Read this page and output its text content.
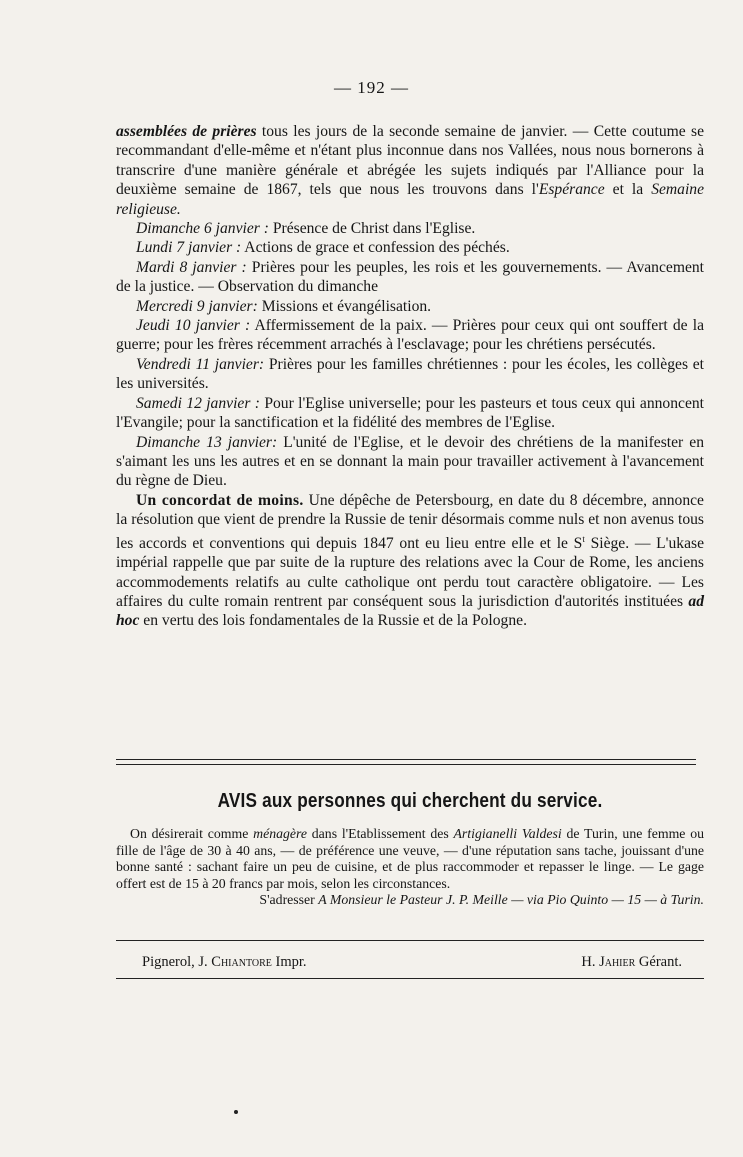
— 192 —

assemblées de prières tous les jours de la seconde semaine de janvier. — Cette coutume se recommandant d'elle-même et n'étant plus inconnue dans nos Vallées, nous nous bornerons à transcrire d'une manière générale et abrégée les sujets indiqués par l'Alliance pour la deuxième semaine de 1867, tels que nous les trouvons dans l'Espérance et la Semaine religieuse.

Dimanche 6 janvier : Présence de Christ dans l'Eglise.

Lundi 7 janvier : Actions de grace et confession des péchés.

Mardi 8 janvier : Prières pour les peuples, les rois et les gouvernements. — Avancement de la justice. — Observation du dimanche

Mercredi 9 janvier: Missions et évangélisation.

Jeudi 10 janvier : Affermissement de la paix. — Prières pour ceux qui ont souffert de la guerre; pour les frères récemment arrachés à l'esclavage; pour les chrétiens persécutés.

Vendredi 11 janvier: Prières pour les familles chrétiennes : pour les écoles, les collèges et les universités.

Samedi 12 janvier : Pour l'Eglise universelle; pour les pasteurs et tous ceux qui annoncent l'Evangile; pour la sanctification et la fidélité des membres de l'Eglise.

Dimanche 13 janvier: L'unité de l'Eglise, et le devoir des chrétiens de la manifester en s'aimant les uns les autres et en se donnant la main pour travailler activement à l'avancement du règne de Dieu.

Un concordat de moins. Une dépêche de Petersbourg, en date du 8 décembre, annonce la résolution que vient de prendre la Russie de tenir désormais comme nuls et non avenus tous les accords et conventions qui depuis 1847 ont eu lieu entre elle et le $S^t$ Siège. — L'ukase impérial rappelle que par suite de la rupture des relations avec la Cour de Rome, les anciens accommodements relatifs au culte catholique ont perdu tout caractère obligatoire. — Les affaires du culte romain rentrent par conséquent sous la jurisdiction d'autorités instituées ad hoc en vertu des lois fondamentales de la Russie et de la Pologne.

AVIS aux personnes qui cherchent du service.

On désirerait comme ménagère dans l'Etablissement des Artigianelli Valdesi de Turin, une femme ou fille de l'âge de 30 à 40 ans, — de préférence une veuve, — d'une réputation sans tache, jouissant d'une bonne santé : sachant faire un peu de cuisine, et de plus raccommoder et repasser le linge. — Le gage offert est de 15 à 20 francs par mois, selon les circonstances.

S'adresser A Monsieur le Pasteur J. P. Meille — via Pio Quinto — 15 — à Turin.

Pignerol, J. Chiantore Impr.	H. Jahier Gérant.
